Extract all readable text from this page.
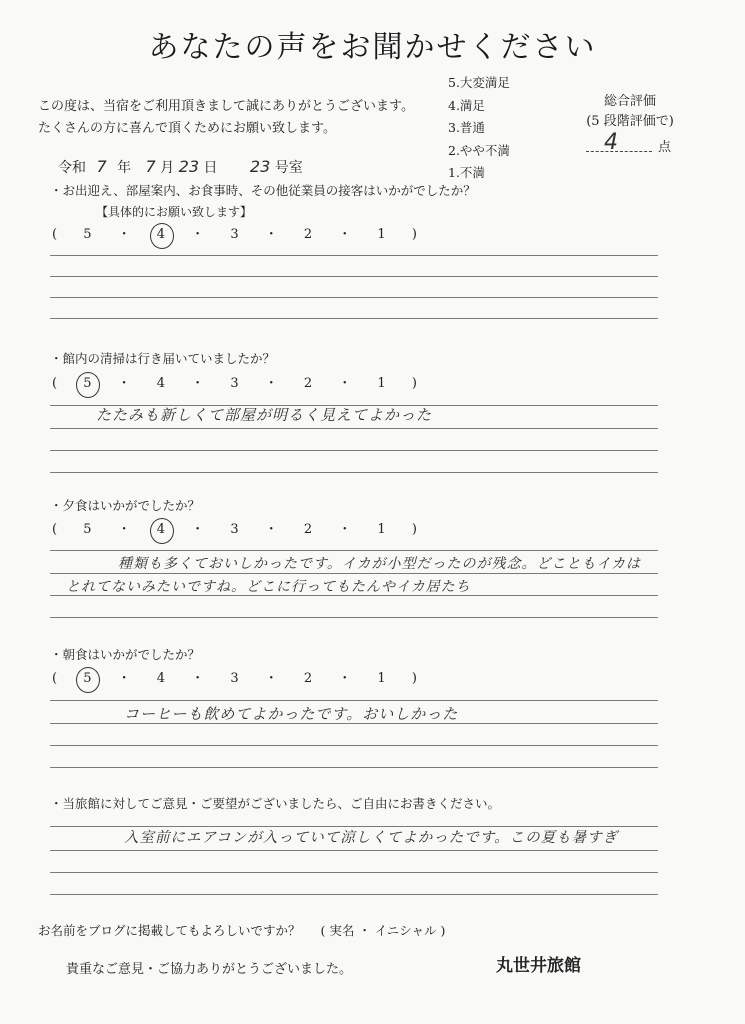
あなたの声をお聞かせください
この度は、当宿をご利用頂きまして誠にありがとうございます。
たくさんの方に喜んで頂くためにお願い致します。
5.大変満足
4.満足
3.普通
2.やや不満
1.不満
総合評価
(5 段階評価で)
4	点
令和 7 年 7 月 23 日 23 号室
・お出迎え、部屋案内、お食事時、その他従業員の接客はいかがでしたか？
【具体的にお願い致します】
( 5 ・ 4 ・ 3 ・ 2 ・ 1 )
・館内の清掃は行き届いていましたか？
( 5 ・ 4 ・ 3 ・ 2 ・ 1 )
たたみも新しくて部屋が明るく見えてよかった
・夕食はいかがでしたか？
( 5 ・ 4 ・ 3 ・ 2 ・ 1 )
種類も多くておいしかったです。イカが小型だったのが残念。どこともイカは
とれてないみたいですね。どこに行ってもたんやイカ居たち
・朝食はいかがでしたか？
( 5 ・ 4 ・ 3 ・ 2 ・ 1 )
コーヒーも飲めてよかったです。おいしかった
・当旅館に対してご意見・ご要望がございましたら、ご自由にお書きください。
入室前にエアコンが入っていて涼しくてよかったです。この夏も暑すぎ
お名前をブログに掲載してもよろしいですか？ ( 実名 ・ イニシャル )
貴重なご意見・ご協力ありがとうございました。	丸世井旅館
